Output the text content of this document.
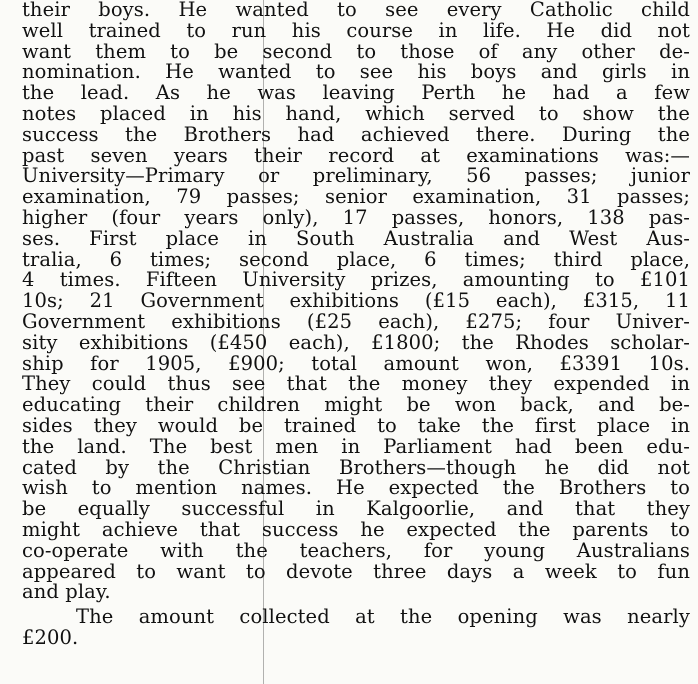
their boys. He wanted to see every Catholic child
well trained to run his course in life. He did not
want them to be second to those of any other de-
nomination. He wanted to see his boys and girls in
the lead. As he was leaving Perth he had a few
notes placed in his hand, which served to show the
success the Brothers had achieved there. During the
past seven years their record at examinations was:—
University—Primary or preliminary, 56 passes; junior
examination, 79 passes; senior examination, 31 passes;
higher (four years only), 17 passes, honors, 138 pas-
ses. First place in South Australia and West Aus-
tralia, 6 times; second place, 6 times; third place,
4 times. Fifteen University prizes, amounting to £101
10s; 21 Government exhibitions (£15 each), £315, 11
Government exhibitions (£25 each), £275; four Univer-
sity exhibitions (£450 each), £1800; the Rhodes scholar-
ship for 1905, £900; total amount won, £3391 10s.
They could thus see that the money they expended in
educating their children might be won back, and be-
sides they would be trained to take the first place in
the land. The best men in Parliament had been edu-
cated by the Christian Brothers—though he did not
wish to mention names. He expected the Brothers to
be equally successful in Kalgoorlie, and that they
might achieve that success he expected the parents to
co-operate with the teachers, for young Australians
appeared to want to devote three days a week to fun
and play.
The amount collected at the opening was nearly
£200.
